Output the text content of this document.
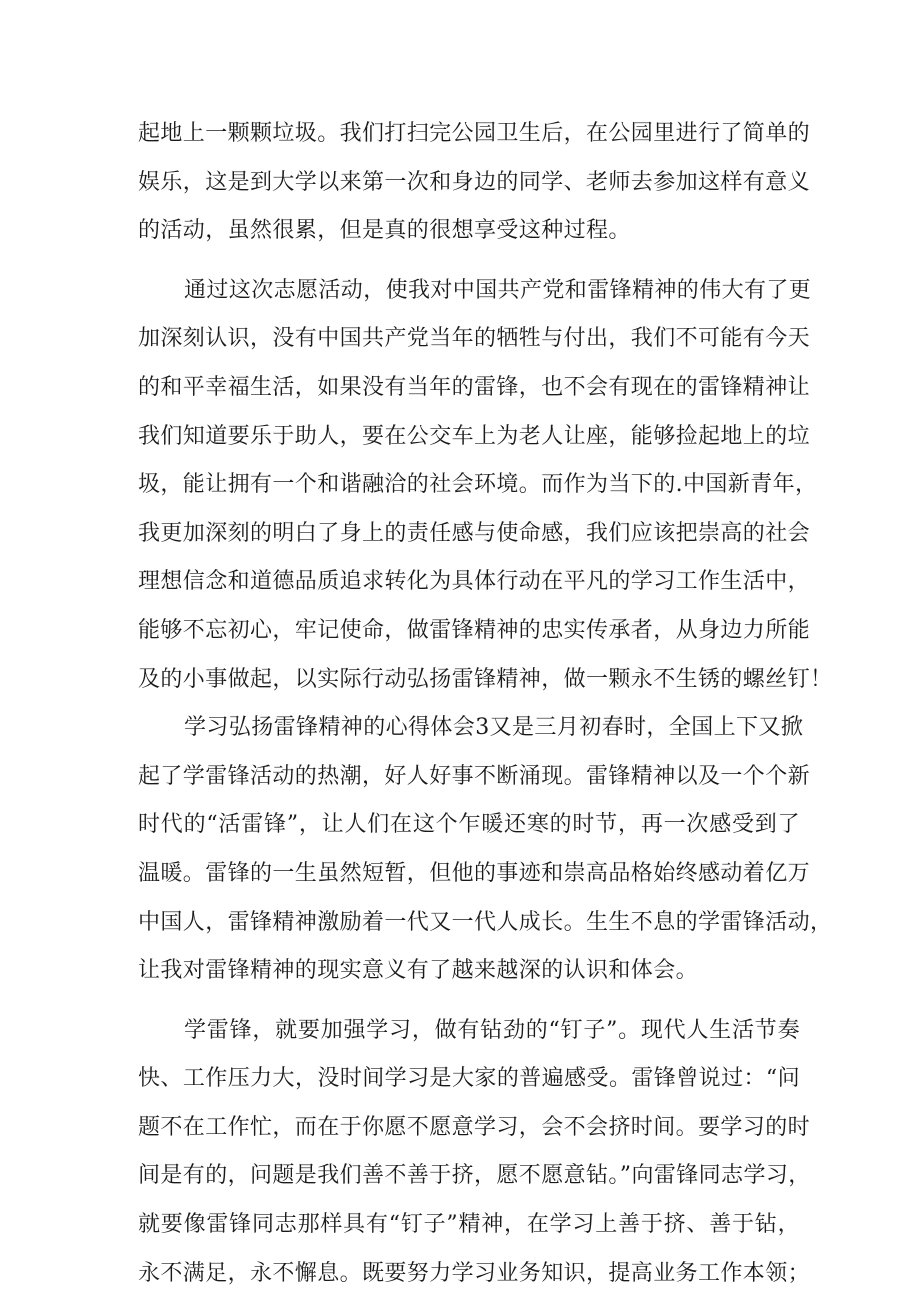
起地上一颗颗垃圾。我们打扫完公园卫生后，在公园里进行了简单的
娱乐，这是到大学以来第一次和身边的同学、老师去参加这样有意义
的活动，虽然很累，但是真的很想享受这种过程。
通过这次志愿活动，使我对中国共产党和雷锋精神的伟大有了更
加深刻认识，没有中国共产党当年的牺牲与付出，我们不可能有今天
的和平幸福生活，如果没有当年的雷锋，也不会有现在的雷锋精神让
我们知道要乐于助人，要在公交车上为老人让座，能够捡起地上的垃
圾，能让拥有一个和谐融洽的社会环境。而作为当下的.中国新青年，
我更加深刻的明白了身上的责任感与使命感，我们应该把崇高的社会
理想信念和道德品质追求转化为具体行动在平凡的学习工作生活中，
能够不忘初心，牢记使命，做雷锋精神的忠实传承者，从身边力所能
及的小事做起，以实际行动弘扬雷锋精神，做一颗永不生锈的螺丝钉！
学习弘扬雷锋精神的心得体会3又是三月初春时，全国上下又掀
起了学雷锋活动的热潮，好人好事不断涌现。雷锋精神以及一个个新
时代的“活雷锋”，让人们在这个乍暖还寒的时节，再一次感受到了
温暖。雷锋的一生虽然短暂，但他的事迹和崇高品格始终感动着亿万
中国人，雷锋精神激励着一代又一代人成长。生生不息的学雷锋活动，
让我对雷锋精神的现实意义有了越来越深的认识和体会。
学雷锋，就要加强学习，做有钻劲的“钉子”。现代人生活节奏
快、工作压力大，没时间学习是大家的普遍感受。雷锋曾说过：“问
题不在工作忙，而在于你愿不愿意学习，会不会挤时间。要学习的时
间是有的，问题是我们善不善于挤，愿不愿意钻。”向雷锋同志学习，
就要像雷锋同志那样具有“钉子”精神，在学习上善于挤、善于钻，
永不满足，永不懈息。既要努力学习业务知识，提高业务工作本领；
